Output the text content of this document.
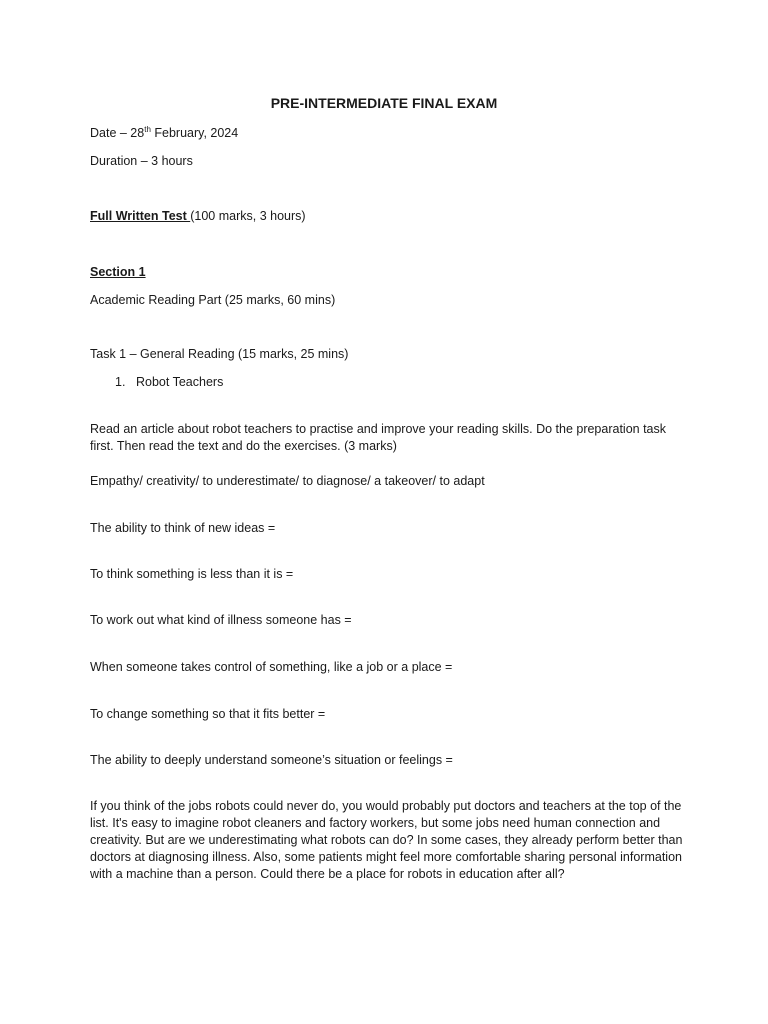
PRE-INTERMEDIATE FINAL EXAM
Date – 28th February, 2024
Duration – 3 hours
Full Written Test (100 marks, 3 hours)
Section 1
Academic Reading Part (25 marks, 60 mins)
Task 1 – General Reading (15 marks, 25 mins)
1. Robot Teachers
Read an article about robot teachers to practise and improve your reading skills. Do the preparation task first. Then read the text and do the exercises. (3 marks)
Empathy/ creativity/ to underestimate/ to diagnose/ a takeover/ to adapt
The ability to think of new ideas =
To think something is less than it is =
To work out what kind of illness someone has =
When someone takes control of something, like a job or a place =
To change something so that it fits better =
The ability to deeply understand someone’s situation or feelings =
If you think of the jobs robots could never do, you would probably put doctors and teachers at the top of the list. It's easy to imagine robot cleaners and factory workers, but some jobs need human connection and creativity. But are we underestimating what robots can do? In some cases, they already perform better than doctors at diagnosing illness. Also, some patients might feel more comfortable sharing personal information with a machine than a person. Could there be a place for robots in education after all?
